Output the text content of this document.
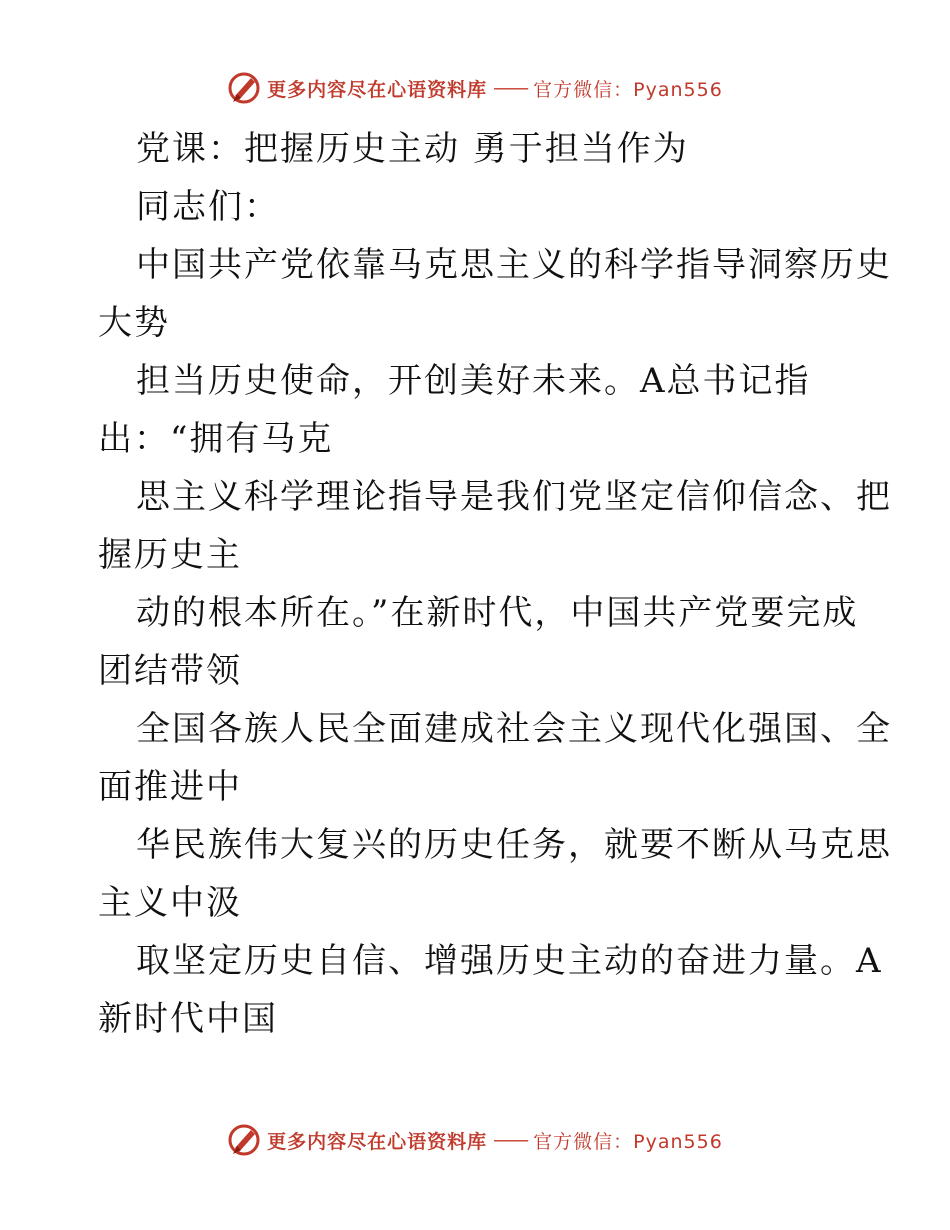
更多内容尽在心语资料库 —— 官方微信：Pyan556
党课：把握历史主动 勇于担当作为
同志们：
中国共产党依靠马克思主义的科学指导洞察历史
大势
担当历史使命，开创美好未来。A总书记指
出：“拥有马克
思主义科学理论指导是我们党坚定信仰信念、把
握历史主
动的根本所在。”在新时代，中国共产党要完成
团结带领
全国各族人民全面建成社会主义现代化强国、全
面推进中
华民族伟大复兴的历史任务，就要不断从马克思
主义中汲
取坚定历史自信、增强历史主动的奋进力量。A
新时代中国
更多内容尽在心语资料库 —— 官方微信：Pyan556
